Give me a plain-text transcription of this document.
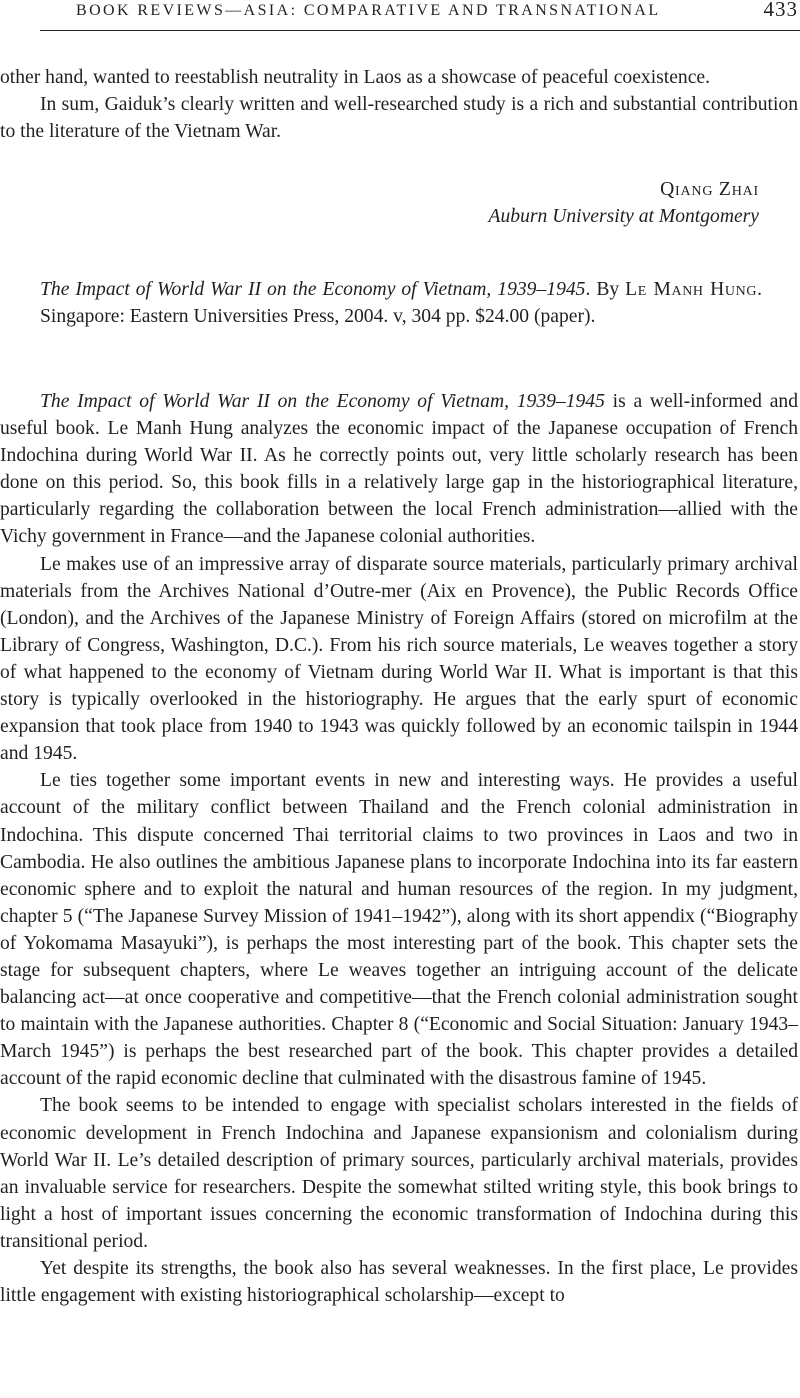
BOOK REVIEWS—ASIA: COMPARATIVE AND TRANSNATIONAL	433

other hand, wanted to reestablish neutrality in Laos as a showcase of peaceful coexistence.

In sum, Gaiduk’s clearly written and well-researched study is a rich and substantial contribution to the literature of the Vietnam War.

Qiang Zhai
Auburn University at Montgomery
The Impact of World War II on the Economy of Vietnam, 1939–1945. By Le Manh Hung. Singapore: Eastern Universities Press, 2004. v, 304 pp. $24.00 (paper).

The Impact of World War II on the Economy of Vietnam, 1939–1945 is a well-informed and useful book. Le Manh Hung analyzes the economic impact of the Japanese occupation of French Indochina during World War II. As he correctly points out, very little scholarly research has been done on this period. So, this book fills in a relatively large gap in the historiographical literature, particularly regarding the collaboration between the local French administration—allied with the Vichy government in France—and the Japanese colonial authorities.

Le makes use of an impressive array of disparate source materials, particularly primary archival materials from the Archives National d’Outre-mer (Aix en Provence), the Public Records Office (London), and the Archives of the Japanese Ministry of Foreign Affairs (stored on microfilm at the Library of Congress, Washington, D.C.). From his rich source materials, Le weaves together a story of what happened to the economy of Vietnam during World War II. What is important is that this story is typically overlooked in the historiography. He argues that the early spurt of economic expansion that took place from 1940 to 1943 was quickly followed by an economic tailspin in 1944 and 1945.

Le ties together some important events in new and interesting ways. He provides a useful account of the military conflict between Thailand and the French colonial administration in Indochina. This dispute concerned Thai territorial claims to two provinces in Laos and two in Cambodia. He also outlines the ambitious Japanese plans to incorporate Indochina into its far eastern economic sphere and to exploit the natural and human resources of the region. In my judgment, chapter 5 (“The Japanese Survey Mission of 1941–1942”), along with its short appendix (“Biography of Yokomama Masayuki”), is perhaps the most interesting part of the book. This chapter sets the stage for subsequent chapters, where Le weaves together an intriguing account of the delicate balancing act—at once cooperative and competitive—that the French colonial administration sought to maintain with the Japanese authorities. Chapter 8 (“Economic and Social Situation: January 1943–March 1945”) is perhaps the best researched part of the book. This chapter provides a detailed account of the rapid economic decline that culminated with the disastrous famine of 1945.

The book seems to be intended to engage with specialist scholars interested in the fields of economic development in French Indochina and Japanese expansionism and colonialism during World War II. Le’s detailed description of primary sources, particularly archival materials, provides an invaluable service for researchers. Despite the somewhat stilted writing style, this book brings to light a host of important issues concerning the economic transformation of Indochina during this transitional period.

Yet despite its strengths, the book also has several weaknesses. In the first place, Le provides little engagement with existing historiographical scholarship—except to
